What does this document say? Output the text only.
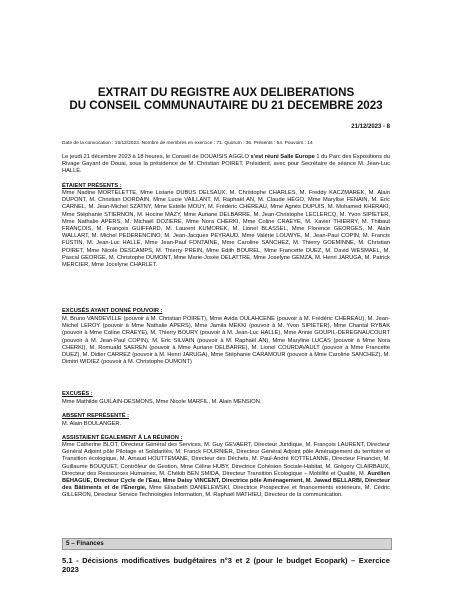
EXTRAIT DU REGISTRE AUX DELIBERATIONS

DU CONSEIL COMMUNAUTAIRE DU 21 DECEMBRE 2023

21/12/2023 - 8
Date de la convocation : 15/12/2023. Nombre de membres en exercice : 71. Quorum : 36. Présents : 54. Pouvoirs : 14
Le jeudi 21 décembre 2023 à 18 heures, le Conseil de DOUAISIS AGGLO s'est réuni Salle Europe 1 du Parc des Expositions du Rivage Gayant de Douai, sous la présidence de M. Christian POIRET, Président, avec pour Secrétaire de séance M. Jean-Luc HALLÉ.
ÉTAIENT PRÉSENTS :
Mme Nadine MORTELETTE, Mme Lisiane DUBUS DELSAUX, M. Christophe CHARLES, M. Freddy KACZMAREK, M. Alain DUPONT, M. Christian DORDAIN, Mme Lucie VAILLANT, M. Raphaël AN, M. Claude HÉGO, Mme Marylise FENAIN, M. Eric CARNEL, M. Jean-Michel SZATNY, Mme Estelle MOUY, M. Frédéric CHÉREAU, Mme Agnès DUPUIS, M. Mohamed KHERAKI, Mme Stéphanie STIERNON, M. Hocine MAZY, Mme Auriane DELBARRE, M. Jean-Christophe LECLERCQ, M. Yvon SIPIETER, Mme Nathalie APERS, M. Michaël DOZIERE, Mme Nora CHERKI, Mme Coline CRAEYE, M. Xavier THIERRY, M. Thibaut FRANÇOIS, M. François GUIFFARD, M. Laurent KUMOREK, M. Lionel BLASSEL, Mme Florence GEORGES, M. Alain WALLART, M. Michel PEDERENCINO, M. Jean-Jacques PEYRAUD, Mme Valérie LOUWYE, M. Jean-Paul COPIN, M. Francis FUSTIN, M. Jean-Luc HALLÉ, Mme Jean-Paul FONTAINE, Mme Caroline SANCHEZ, M. Thierry GOEMINNE, M. Christian POIRET, Mme Nicole DESCAMPS, M. Thierry PREIN, Mme Edith BOUREL, Mme Francette DUEZ, M. David WESMAEL, M. Pascal GEORGE, M. Christophe DUMONT, Mme Marie-Josée DELATTRE, Mme Joselyne GEMZA, M. Henri JARUGA, M. Patrick MERCIER, Mme Jocelyne CHARLET.
EXCUSÉS AYANT DONNÉ POUVOIR :
M. Bruno VANDEVILLE (pouvoir à M. Christian POIRET), Mme Avida OULAHCENE (pouvoir à M. Frédéric CHEREAU), M. Jean-Michel LEROY (pouvoir à Mme Nathalie APERS), Mme Jamila MEKKI (pouvoir à M. Yvon SIPIETER), Mme Chantal RYBAK (pouvoir à Mme Coline CRAEYE), M. Thierry BOURY (pouvoir à M. Jean-Luc HALLÉ), Mme Annie GOUPIL-DEREGNAUCOURT (pouvoir à M. Jean-Paul COPIN), M. Eric SILVAIN (pouvoir à M. Raphaël AN), Mme Maryline LUCAS (pouvoir à Mme Nora CHERKI), M. Romuald SAEREN (pouvoir à Mme Auriane DELBARRE), M. Lionel COURDAVAULT (pouvoir à Mme Francette DUEZ), M. Didier CARREZ (pouvoir à M. Henri JARUGA), Mme Stéphanie CARAMOUR (pouvoir à Mme Caroline SANCHEZ), M. Dimitri WIDIEZ (pouvoir à M. Christophe DUMONT)
EXCUSÉS :
Mme Mathilde GUILAIN-DESMONS, Mme Nicole MARFIL, M. Alain MENSION.
ABSENT REPRÉSENTÉ :
M. Alain BOULANGER.
ASSISTAIENT ÉGALEMENT À LA RÉUNION :
Mme Catherine BLOT, Directeur Général des Services, M. Guy GEVAERT, Directeur Juridique, M. François LAURENT, Directeur Général Adjoint pôle Pilotage et Solidarités, M. Franck FOURNIER, Directeur Général Adjoint pôle Aménagement du territoire et Transition écologique, M. Arnaud HOUTTEMANE, Directeur des Déchets, M. Paul-André KOTTELANNE, Directeur Financier, M. Guillaume BOUQUET, Contrôleur de Gestion, Mme Céline HUBY, Directrice Cohésion Sociale-Habitat, M. Grégory CLAIRBAUX, Directeur des Ressources Humaines, M. Chékib BEN SMIDA, Directeur Transition Écologique – Mobilité et Qualité, M. Aurélien BEHAGUE, Directeur Cycle de l'Eau, Mme Daisy VINCENT, Directrice pôle Aménagement, M. Jawad BELLARBI, Directeur des Bâtiments et de l'Énergie, Mme Elisabeth DANIELEWSKI, Directrice Prospective et financements extérieurs, M. Cédric GILLERON, Directeur Service Technologies Information, M. Raphaël MATHIEU, Directeur de la communication.
5 – Finances
5.1 - Décisions modificatives budgétaires n°3 et 2 (pour le budget Ecopark) – Exercice 2023
